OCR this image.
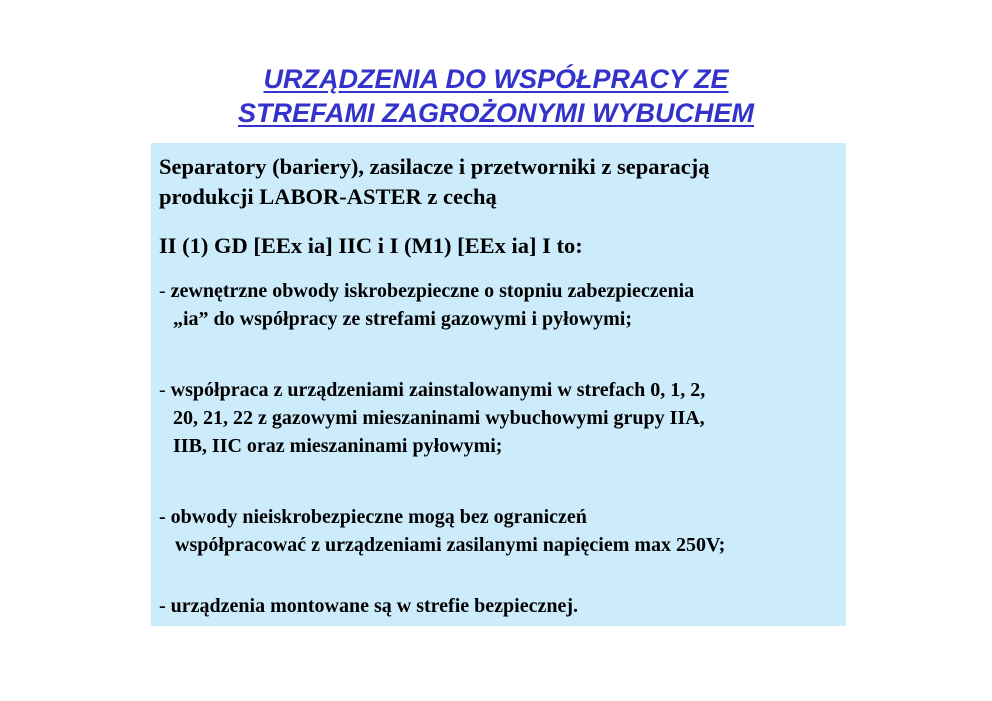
URZĄDZENIA DO WSPÓŁPRACY ZE
STREFAMI ZAGROŻONYMI WYBUCHEM
Separatory (bariery), zasilacze i przetworniki z separacją
produkcji LABOR-ASTER z cechą
II (1) GD [EEx ia] IIC i I (M1) [EEx ia] I to:
- zewnętrzne obwody iskrobezpieczne o stopniu zabezpieczenia
„ia” do współpracy ze strefami gazowymi i pyłowymi;
- współpraca z urządzeniami zainstalowanymi w strefach 0, 1, 2,
20, 21, 22 z gazowymi mieszaninami wybuchowymi grupy IIA,
IIB, IIC oraz mieszaninami pyłowymi;
- obwody nieiskrobezpieczne mogą bez ograniczeń
współpracować z urządzeniami zasilanymi napięciem max 250V;
- urządzenia montowane są w strefie bezpiecznej.
